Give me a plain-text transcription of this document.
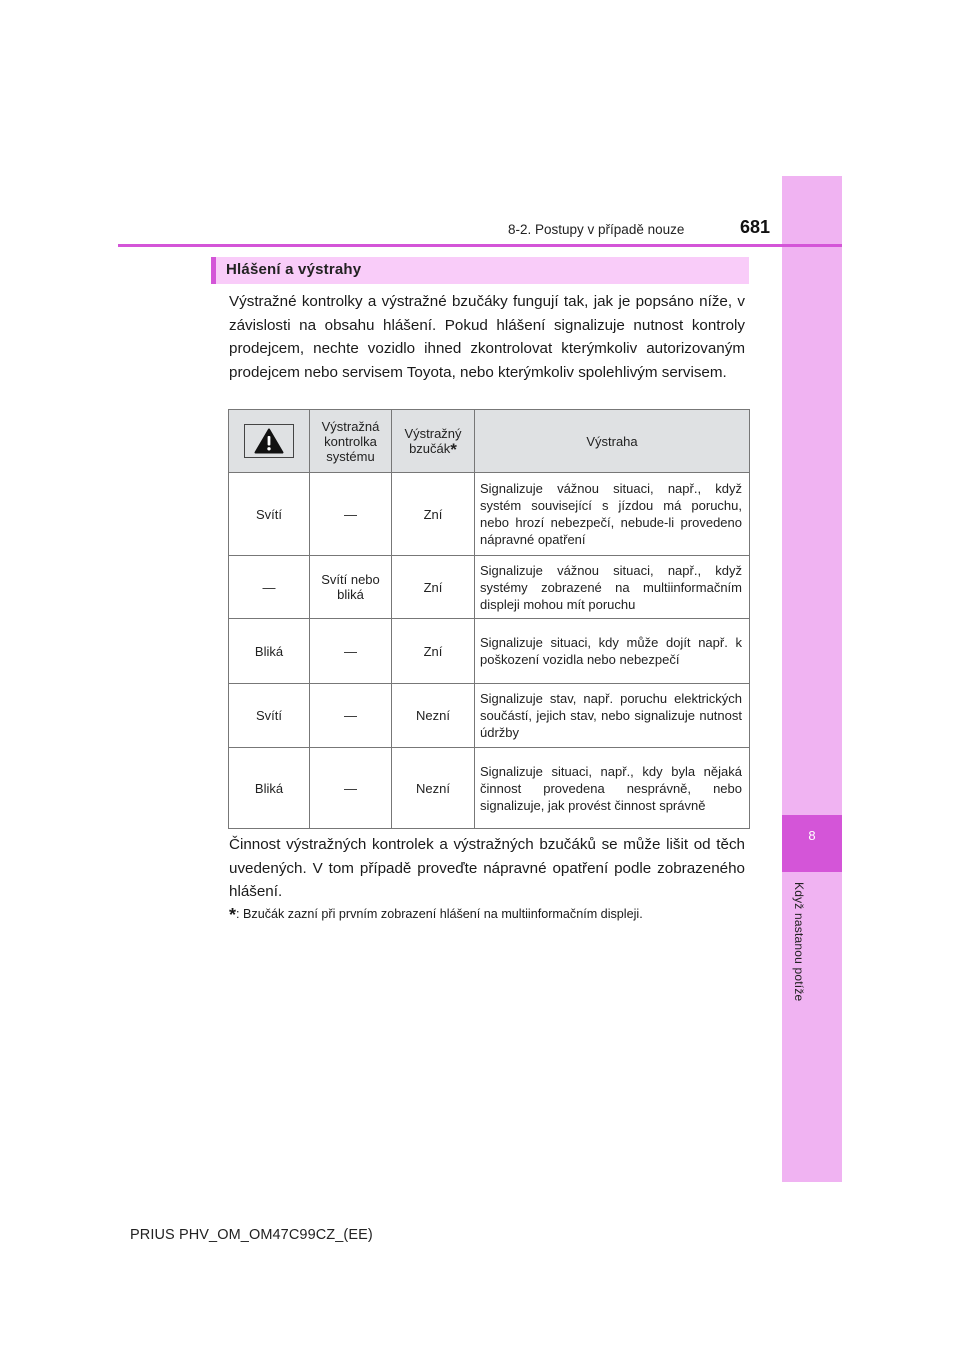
8
Když nastanou potíže
8-2. Postupy v případě nouze	681
Hlášení a výstrahy
Výstražné kontrolky a výstražné bzučáky fungují tak, jak je popsáno níže, v závislosti na obsahu hlášení. Pokud hlášení signalizuje nutnost kontroly prodejcem, nechte vozidlo ihned zkontrolovat kterýmkoliv autorizovaným prodejcem nebo servisem Toyota, nebo kterýmkoliv spolehlivým servisem.
	Výstražná kontrolka systému	Výstražný bzučák*	Výstraha
Svítí	—	Zní	Signalizuje vážnou situaci, např., když systém související s jízdou má poruchu, nebo hrozí nebezpečí, nebude-li provedeno nápravné opatření
—	Svítí nebo bliká	Zní	Signalizuje vážnou situaci, např., když systémy zobrazené na multiinformačním displeji mohou mít poruchu
Bliká	—	Zní	Signalizuje situaci, kdy může dojít např. k poškození vozidla nebo nebezpečí
Svítí	—	Nezní	Signalizuje stav, např. poruchu elektrických součástí, jejich stav, nebo signalizuje nutnost údržby
Bliká	—	Nezní	Signalizuje situaci, např., kdy byla nějaká činnost provedena nesprávně, nebo signalizuje, jak provést činnost správně
Činnost výstražných kontrolek a výstražných bzučáků se může lišit od těch uvedených. V tom případě proveďte nápravné opatření podle zobrazeného hlášení.
*: Bzučák zazní při prvním zobrazení hlášení na multiinformačním displeji.
PRIUS PHV_OM_OM47C99CZ_(EE)
